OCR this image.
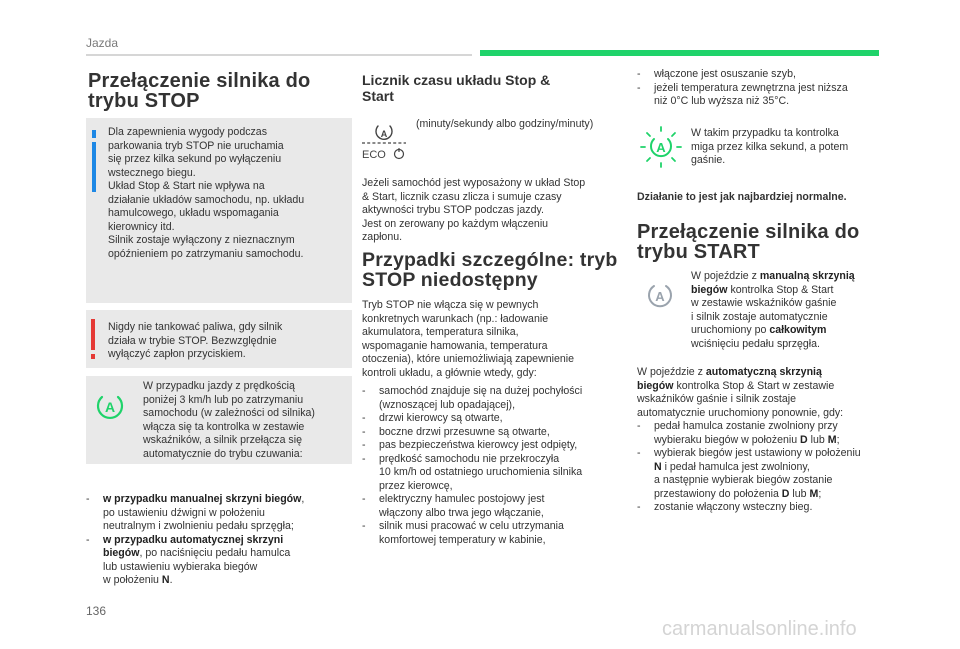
Jazda
Przełączenie silnika do
trybu STOP
Dla zapewnienia wygody podczas
parkowania tryb STOP nie uruchamia
się przez kilka sekund po wyłączeniu
wstecznego biegu.
Układ Stop & Start nie wpływa na
działanie układów samochodu, np. układu
hamulcowego, układu wspomagania
kierownicy itd.
Silnik zostaje wyłączony z nieznacznym
opóźnieniem po zatrzymaniu samochodu.
Nigdy nie tankować paliwa, gdy silnik
działa w trybie STOP. Bezwzględnie
wyłączyć zapłon przyciskiem.
A
W przypadku jazdy z prędkością
poniżej 3 km/h lub po zatrzymaniu
samochodu (w zależności od silnika)
włącza się ta kontrolka w zestawie
wskaźników, a silnik przełącza się
automatycznie do trybu czuwania:
- w przypadku manualnej skrzyni biegów,
po ustawieniu dźwigni w położeniu
neutralnym i zwolnieniu pedału sprzęgła;
- w przypadku automatycznej skrzyni
biegów, po naciśnięciu pedału hamulca
lub ustawieniu wybieraka biegów
w położeniu N.
Licznik czasu układu Stop &
Start
A
ECO
(minuty/sekundy albo godziny/minuty)
Jeżeli samochód jest wyposażony w układ Stop
& Start, licznik czasu zlicza i sumuje czasy
aktywności trybu STOP podczas jazdy.
Jest on zerowany po każdym włączeniu
zapłonu.
Przypadki szczególne: tryb
STOP niedostępny
Tryb STOP nie włącza się w pewnych
konkretnych warunkach (np.: ładowanie
akumulatora, temperatura silnika,
wspomaganie hamowania, temperatura
otoczenia), które uniemożliwiają zapewnienie
kontroli układu, a głównie wtedy, gdy:
- samochód znajduje się na dużej pochyłości
(wznoszącej lub opadającej),
- drzwi kierowcy są otwarte,
- boczne drzwi przesuwne są otwarte,
- pas bezpieczeństwa kierowcy jest odpięty,
- prędkość samochodu nie przekroczyła
10 km/h od ostatniego uruchomienia silnika
przez kierowcę,
- elektryczny hamulec postojowy jest
włączony albo trwa jego włączanie,
- silnik musi pracować w celu utrzymania
komfortowej temperatury w kabinie,
- włączone jest osuszanie szyb,
- jeżeli temperatura zewnętrzna jest niższa
niż 0°C lub wyższa niż 35°C.
A
W takim przypadku ta kontrolka
miga przez kilka sekund, a potem
gaśnie.
Działanie to jest jak najbardziej normalne.
Przełączenie silnika do
trybu START
A
W pojeździe z manualną skrzynią
biegów kontrolka Stop & Start
w zestawie wskaźników gaśnie
i silnik zostaje automatycznie
uruchomiony po całkowitym
wciśnięciu pedału sprzęgła.
W pojeździe z automatyczną skrzynią
biegów kontrolka Stop & Start w zestawie
wskaźników gaśnie i silnik zostaje
automatycznie uruchomiony ponownie, gdy:
- pedał hamulca zostanie zwolniony przy
wybieraku biegów w położeniu D lub M;
- wybierak biegów jest ustawiony w położeniu
N i pedał hamulca jest zwolniony,
a następnie wybierak biegów zostanie
przestawiony do położenia D lub M;
- zostanie włączony wsteczny bieg.
136
carmanualsonline.info
